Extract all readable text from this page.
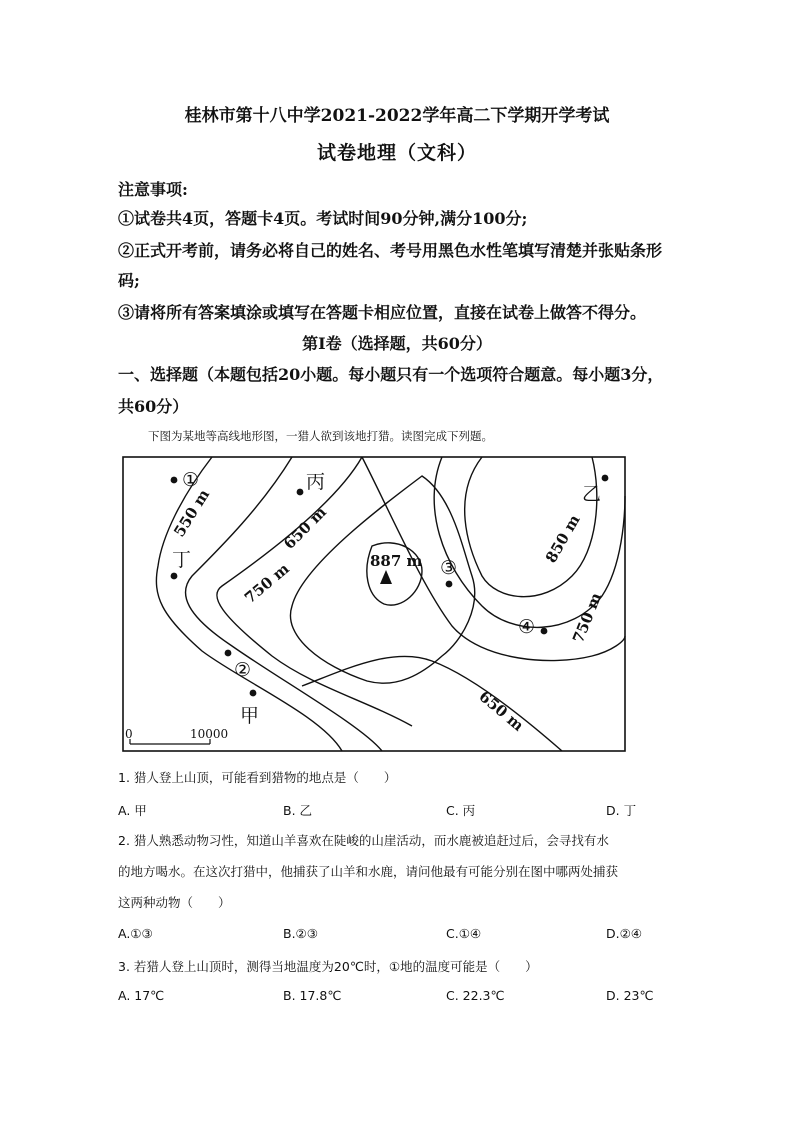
桂林市第十八中学2021-2022学年高二下学期开学考试
试卷地理（文科）
注意事项:
①试卷共4页，答题卡4页。考试时间90分钟,满分100分;
②正式开考前，请务必将自己的姓名、考号用黑色水性笔填写清楚并张贴条形
码;
③请将所有答案填涂或填写在答题卡相应位置，直接在试卷上做答不得分。
第I卷（选择题，共60分）
一、选择题（本题包括20小题。每小题只有一个选项符合题意。每小题3分，
共60分）
下图为某地等高线地形图，一猎人欲到该地打猎。读图完成下列题。
①
②
③
④
甲
乙
丙
丁
550 m	650 m
750 m
850 m
750 m
650 m
887 m
0	10000
1. 猎人登上山顶，可能看到猎物的地点是（　　）
A. 甲	B. 乙	C. 丙	D. 丁
2. 猎人熟悉动物习性，知道山羊喜欢在陡峻的山崖活动，而水鹿被追赶过后，会寻找有水
的地方喝水。在这次打猎中，他捕获了山羊和水鹿，请问他最有可能分别在图中哪两处捕获
这两种动物（　　）
A.①③	B.②③	C.①④	D.②④
3. 若猎人登上山顶时，测得当地温度为20℃时，①地的温度可能是（　　）
A. 17℃	B. 17.8℃	C. 22.3℃	D. 23℃
